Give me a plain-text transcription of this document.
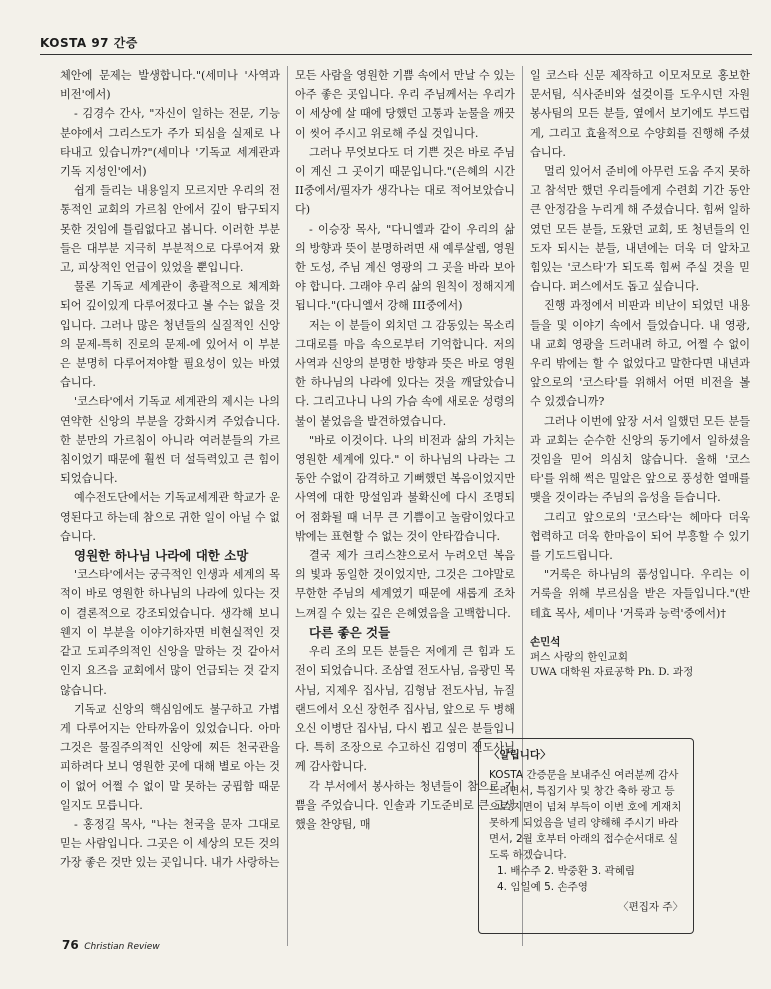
KOSTA 97 간증

체안에 문제는 발생합니다."(세미나 '사역과 비전'에서)

- 김경수 간사, "자신이 일하는 전문, 기능 분야에서 그리스도가 주가 되심을 실제로 나타내고 있습니까?"(세미나 '기독교 세계관과 기독 지성인'에서)

쉽게 들리는 내용일지 모르지만 우리의 전통적인 교회의 가르침 안에서 깊이 탐구되지 못한 것임에 틀림없다고 봅니다. 이러한 부분들은 대부분 지극히 부분적으로 다루어져 왔고, 피상적인 언급이 있었을 뿐입니다.

물론 기독교 세계관이 총괄적으로 체계화되어 깊이있게 다루어졌다고 볼 수는 없을 것입니다. 그러나 많은 청년들의 실질적인 신앙의 문제-특히 진로의 문제-에 있어서 이 부분은 분명히 다루어져야할 필요성이 있는 바였습니다.

'코스타'에서 기독교 세계관의 제시는 나의 연약한 신앙의 부분을 강화시켜 주었습니다. 한 분만의 가르침이 아니라 여러분들의 가르침이었기 때문에 훨씬 더 설득력있고 큰 힘이 되었습니다.

예수전도단에서는 기독교세계관 학교가 운영된다고 하는데 참으로 귀한 일이 아닐 수 없습니다.

영원한 하나님 나라에 대한 소망

'코스타'에서는 궁극적인 인생과 세계의 목적이 바로 영원한 하나님의 나라에 있다는 것이 결론적으로 강조되었습니다. 생각해 보니 웬지 이 부분을 이야기하자면 비현실적인 것같고 도피주의적인 신앙을 말하는 것 같아서인지 요즈음 교회에서 많이 언급되는 것 같지 않습니다.

기독교 신앙의 핵심임에도 불구하고 가볍게 다루어지는 안타까움이 있었습니다. 아마 그것은 물질주의적인 신앙에 찌든 천국관을 피하려다 보니 영원한 곳에 대해 별로 아는 것이 없어 어쩔 수 없이 말 못하는 궁핍함 때문일지도 모릅니다.

- 홍정길 목사, "나는 천국을 문자 그대로 믿는 사람입니다. 그곳은 이 세상의 모든 것의 가장 좋은 것만 있는 곳입니다. 내가 사랑하는

모든 사람을 영원한 기쁨 속에서 만날 수 있는 아주 좋은 곳입니다. 우리 주님께서는 우리가 이 세상에 살 때에 당했던 고통과 눈물을 깨끗이 씻어 주시고 위로해 주실 것입니다.

그러나 무엇보다도 더 기쁜 것은 바로 주님이 계신 그 곳이기 때문입니다."(은혜의 시간 II중에서/필자가 생각나는 대로 적어보았습니다)

- 이승장 목사, "다니엘과 같이 우리의 삶의 방향과 뜻이 분명하려면 새 예루살렘, 영원한 도성, 주님 계신 영광의 그 곳을 바라 보아야 합니다. 그래야 우리 삶의 원칙이 정해지게 됩니다."(다니엘서 강해 III중에서)

저는 이 분들이 외치던 그 감동있는 목소리 그대로를 마음 속으로부터 기억합니다. 저의 사역과 신앙의 분명한 방향과 뜻은 바로 영원한 하나님의 나라에 있다는 것을 깨달았습니다. 그리고나니 나의 가슴 속에 새로운 성령의 불이 붙었음을 발견하였습니다.

"바로 이것이다. 나의 비전과 삶의 가치는 영원한 세계에 있다." 이 하나님의 나라는 그동안 수없이 감격하고 기뻐했던 복음이었지만 사역에 대한 망설임과 불확신에 다시 조명되어 점화될 때 너무 큰 기쁨이고 놀람이었다고밖에는 표현할 수 없는 것이 안타깝습니다.

결국 제가 크리스챤으로서 누려오던 복음의 빛과 동일한 것이었지만, 그것은 그야말로 무한한 주님의 세계였기 때문에 새롭게 조차 느껴질 수 있는 깊은 은혜였음을 고백합니다.

다른 좋은 것들

우리 조의 모든 분들은 저에게 큰 힘과 도전이 되었습니다. 조삼열 전도사님, 음광민 목사님, 지제우 집사님, 김형남 전도사님, 뉴질랜드에서 오신 장헌주 집사님, 앞으로 두 병해 오신 이병단 집사님, 다시 뵙고 싶은 분들입니다. 특히 조장으로 수고하신 김영미 전도사님께 감사합니다.

각 부서에서 봉사하는 청년들이 참으로 기쁨을 주었습니다. 인솔과 기도준비로 큰 고생했을 찬양팀, 매

일 코스타 신문 제작하고 이모저모로 홍보한 문서팀, 식사준비와 설겆이를 도우시던 자원 봉사팀의 모든 분들, 옆에서 보기에도 부드럽게, 그리고 효율적으로 수양회를 진행해 주셨습니다.

멀리 있어서 준비에 아무런 도움 주지 못하고 참석만 했던 우리들에게 수련회 기간 동안 큰 안정감을 누리게 해 주셨습니다. 힘써 일하였던 모든 분들, 도왔던 교회, 또 청년들의 인도자 되시는 분들, 내년에는 더욱 더 알차고 힘있는 '코스타'가 되도록 힘써 주실 것을 믿습니다. 퍼스에서도 돕고 싶습니다.

진행 과정에서 비판과 비난이 되었던 내용들을 및 이야기 속에서 들었습니다. 내 영광, 내 교회 영광을 드러내려 하고, 어쩔 수 없이 우리 밖에는 할 수 없었다고 말한다면 내년과 앞으로의 '코스타'를 위해서 어떤 비전을 볼 수 있겠습니까?

그러나 이번에 앞장 서서 일했던 모든 분들과 교회는 순수한 신앙의 동기에서 일하셨을 것임을 믿어 의심치 않습니다. 올해 '코스타'를 위해 썩은 밀알은 앞으로 풍성한 열매를 맺을 것이라는 주님의 음성을 듣습니다.

그리고 앞으로의 '코스타'는 헤마다 더욱 협력하고 더욱 한마음이 되어 부흥할 수 있기를 기도드립니다.

"거룩은 하나님의 품성입니다. 우리는 이 거룩을 위해 부르심을 받은 자들입니다."(반테효 목사, 세미나 '거룩과 능력'중에서)†

손민석
퍼스 사랑의 한인교회
UWA 대학원 자료공학 Ph. D. 과정
〈알립니다〉
KOSTA 간증문을 보내주신 여러분께 감사드리면서, 특집기사 및 창간 축하 광고 등으로 지면이 넘쳐 부득이 이번 호에 게재치 못하게 되었음을 널리 양해해 주시기 바라면서, 2월 호부터 아래의 접수순서대로 실도록 하겠습니다.
1. 배수주 2. 박중환 3. 곽혜림
4. 임일예 5. 손주영
〈편집자 주〉
76 Christian Review
